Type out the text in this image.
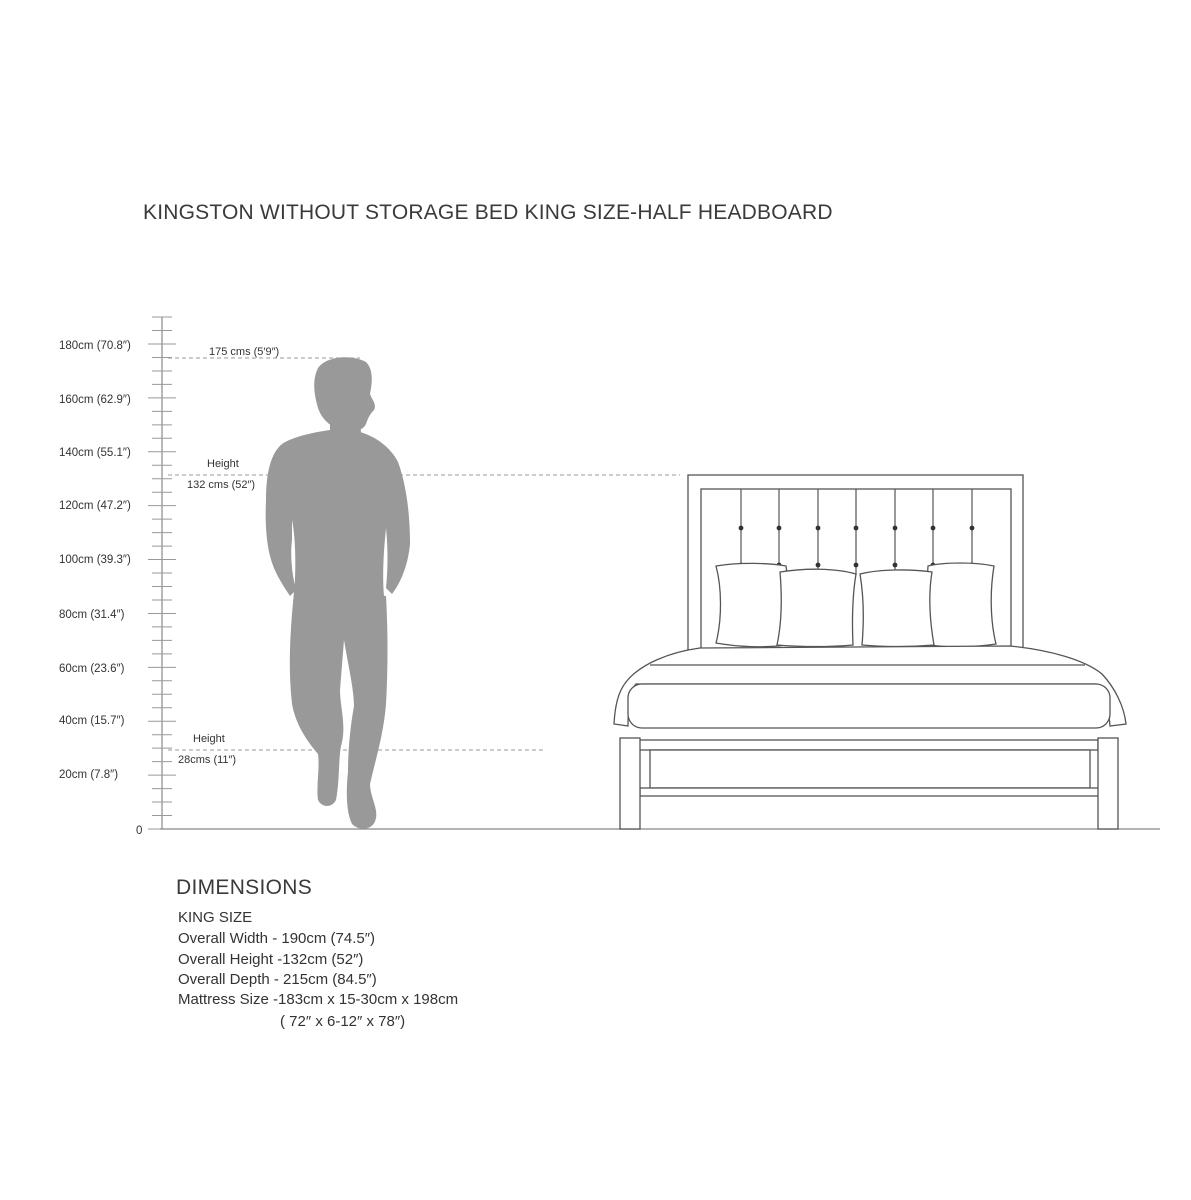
KINGSTON WITHOUT STORAGE BED KING SIZE-HALF HEADBOARD
180cm (70.8″)
160cm (62.9″)
140cm (55.1″)
120cm (47.2″)
100cm (39.3″)
80cm (31.4″)
60cm (23.6″)
40cm (15.7″)
20cm (7.8″)
0
175 cms (5′9″)
Height
132 cms (52″)
Height
28cms (11″)
DIMENSIONS
KING SIZE
Overall Width - 190cm (74.5″)
Overall Height -132cm (52″)
Overall Depth - 215cm (84.5″)
Mattress Size -183cm x 15-30cm x 198cm
( 72″ x 6-12″ x 78″)
